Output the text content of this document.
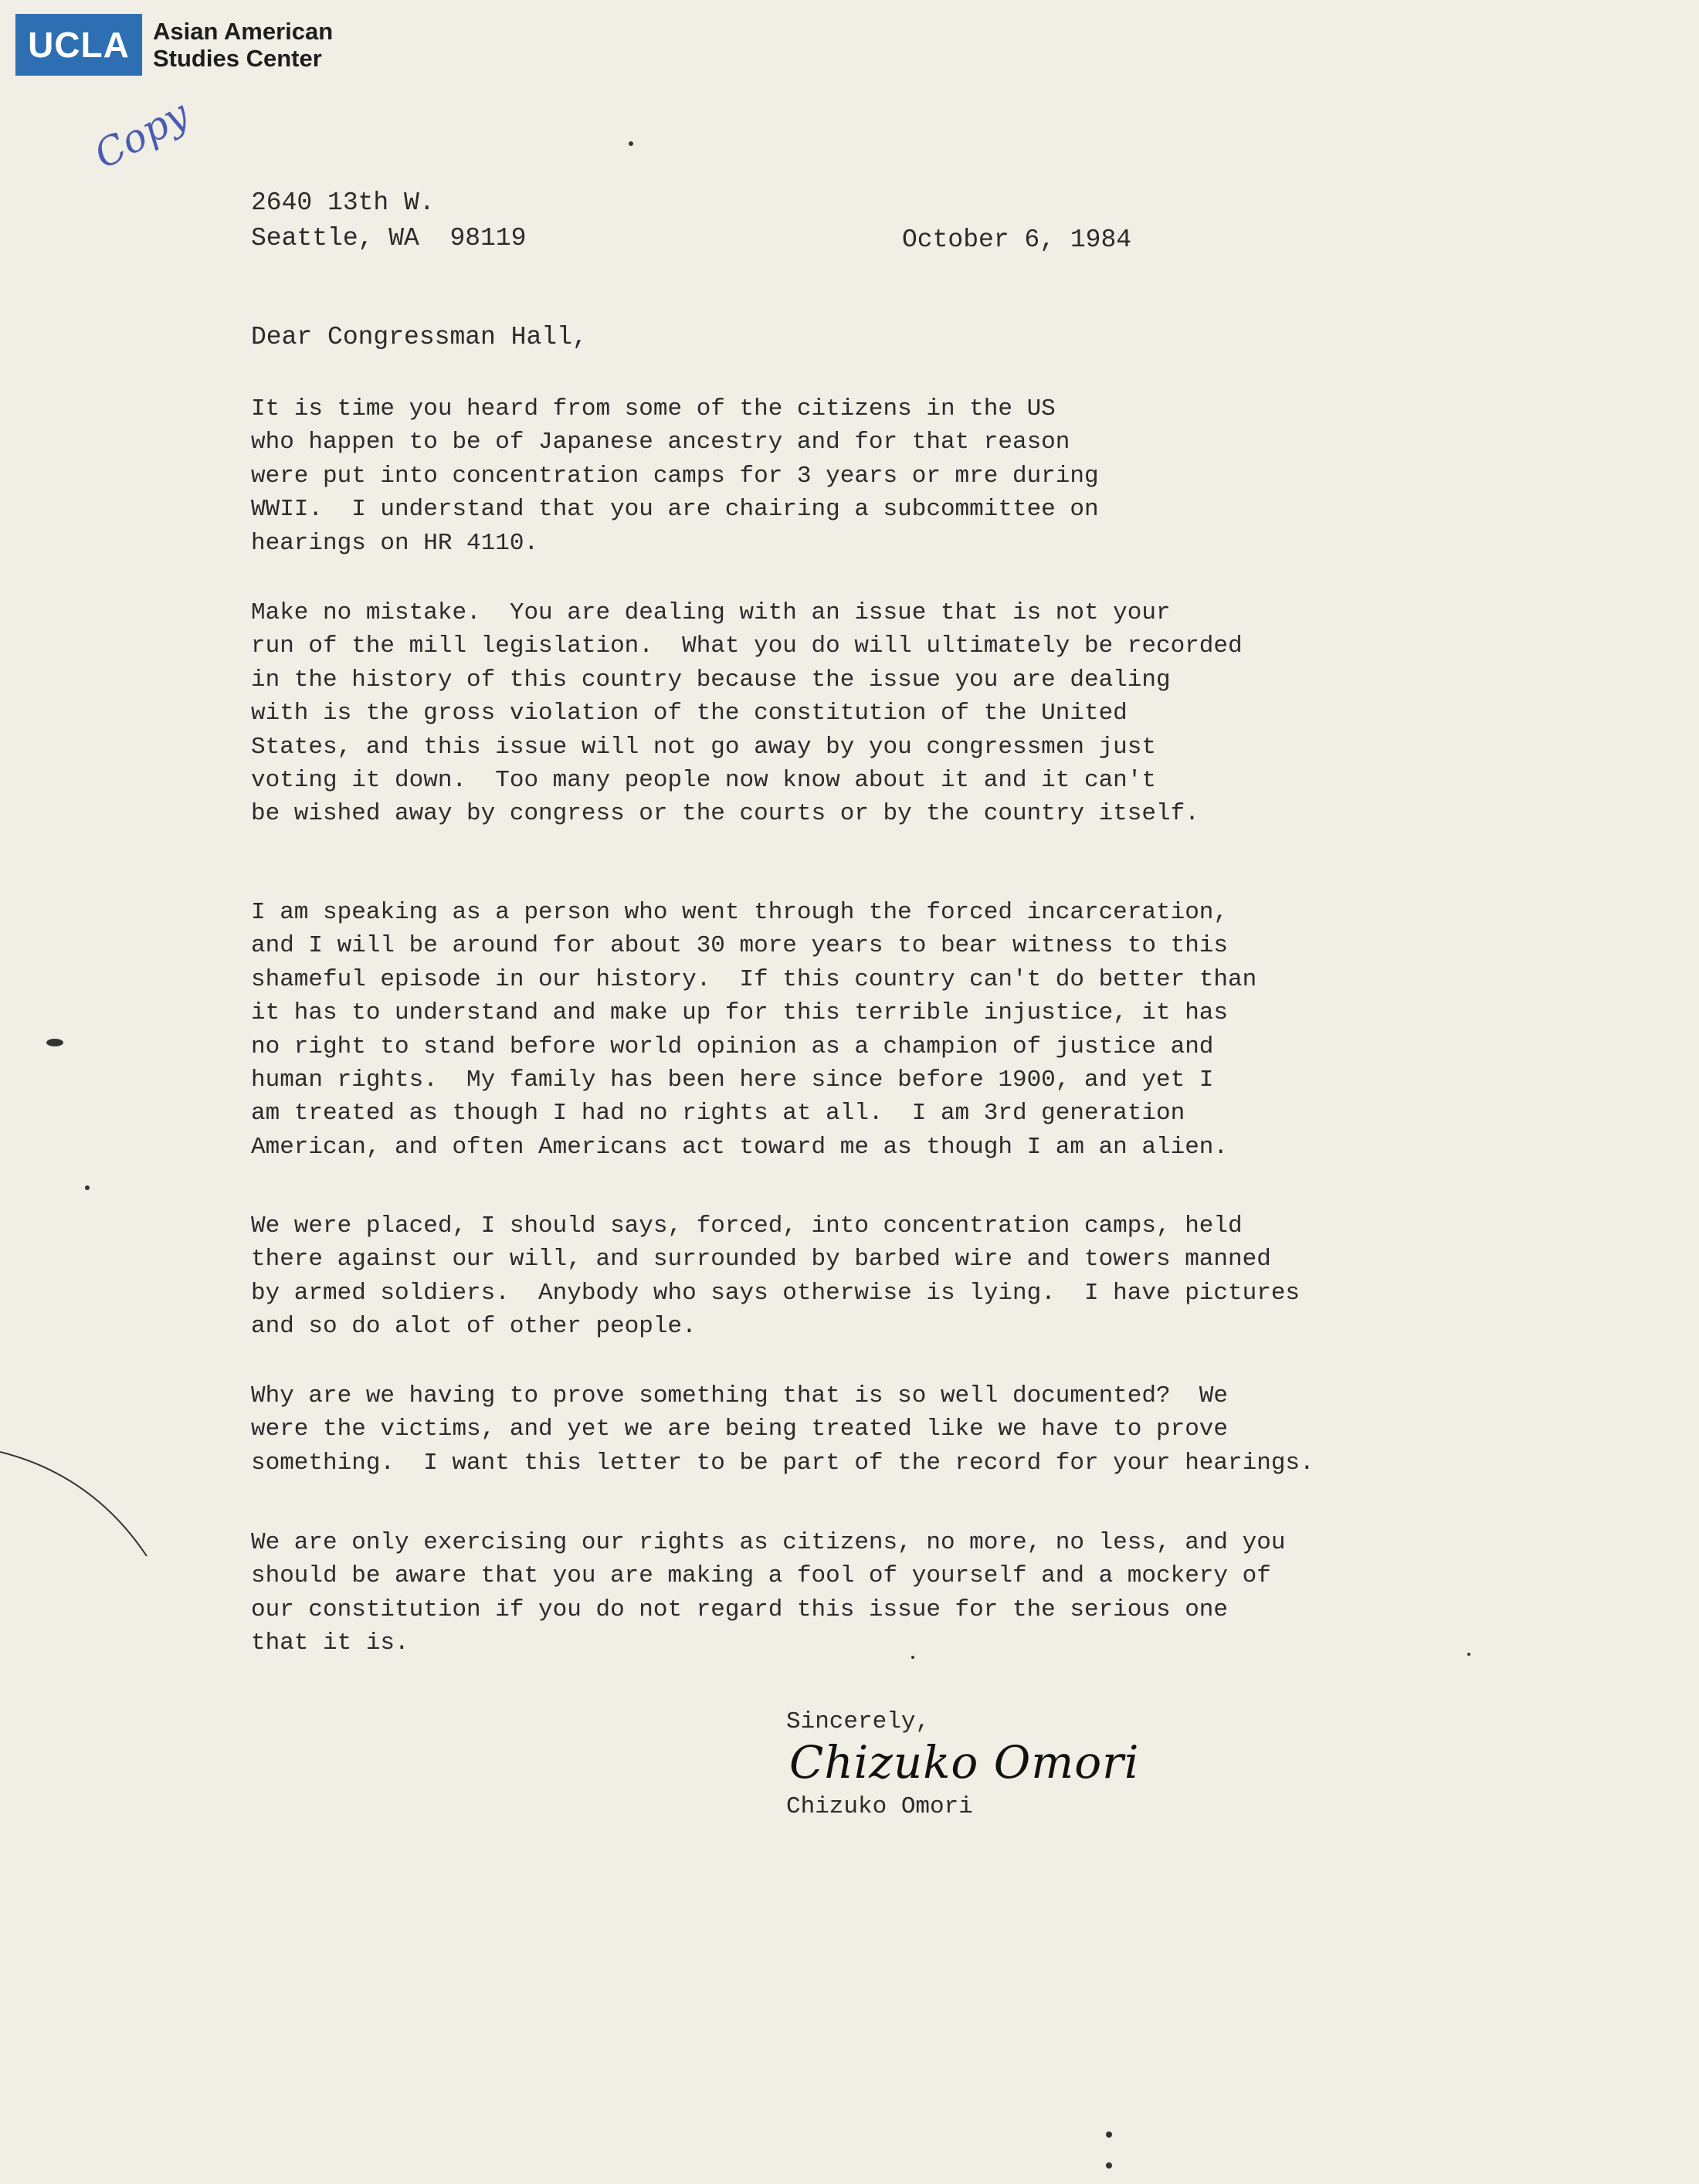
UCLA Asian American
Studies Center
Copy
2640 13th W.
Seattle, WA  98119	October 6, 1984
Dear Congressman Hall,
It is time you heard from some of the citizens in the US
who happen to be of Japanese ancestry and for that reason
were put into concentration camps for 3 years or mre during
WWII.  I understand that you are chairing a subcommittee on
hearings on HR 4110.
Make no mistake.  You are dealing with an issue that is not your
run of the mill legislation.  What you do will ultimately be recorded
in the history of this country because the issue you are dealing
with is the gross violation of the constitution of the United
States, and this issue will not go away by you congressmen just
voting it down.  Too many people now know about it and it can't
be wished away by congress or the courts or by the country itself.
I am speaking as a person who went through the forced incarceration,
and I will be around for about 30 more years to bear witness to this
shameful episode in our history.  If this country can't do better than
it has to understand and make up for this terrible injustice, it has
no right to stand before world opinion as a champion of justice and
human rights.  My family has been here since before 1900, and yet I
am treated as though I had no rights at all.  I am 3rd generation
American, and often Americans act toward me as though I am an alien.
We were placed, I should says, forced, into concentration camps, held
there against our will, and surrounded by barbed wire and towers manned
by armed soldiers.  Anybody who says otherwise is lying.  I have pictures
and so do alot of other people.
Why are we having to prove something that is so well documented?  We
were the victims, and yet we are being treated like we have to prove
something.  I want this letter to be part of the record for your hearings.
We are only exercising our rights as citizens, no more, no less, and you
should be aware that you are making a fool of yourself and a mockery of
our constitution if you do not regard this issue for the serious one
that it is.
Sincerely,
Chizuko Omori
Chizuko Omori
